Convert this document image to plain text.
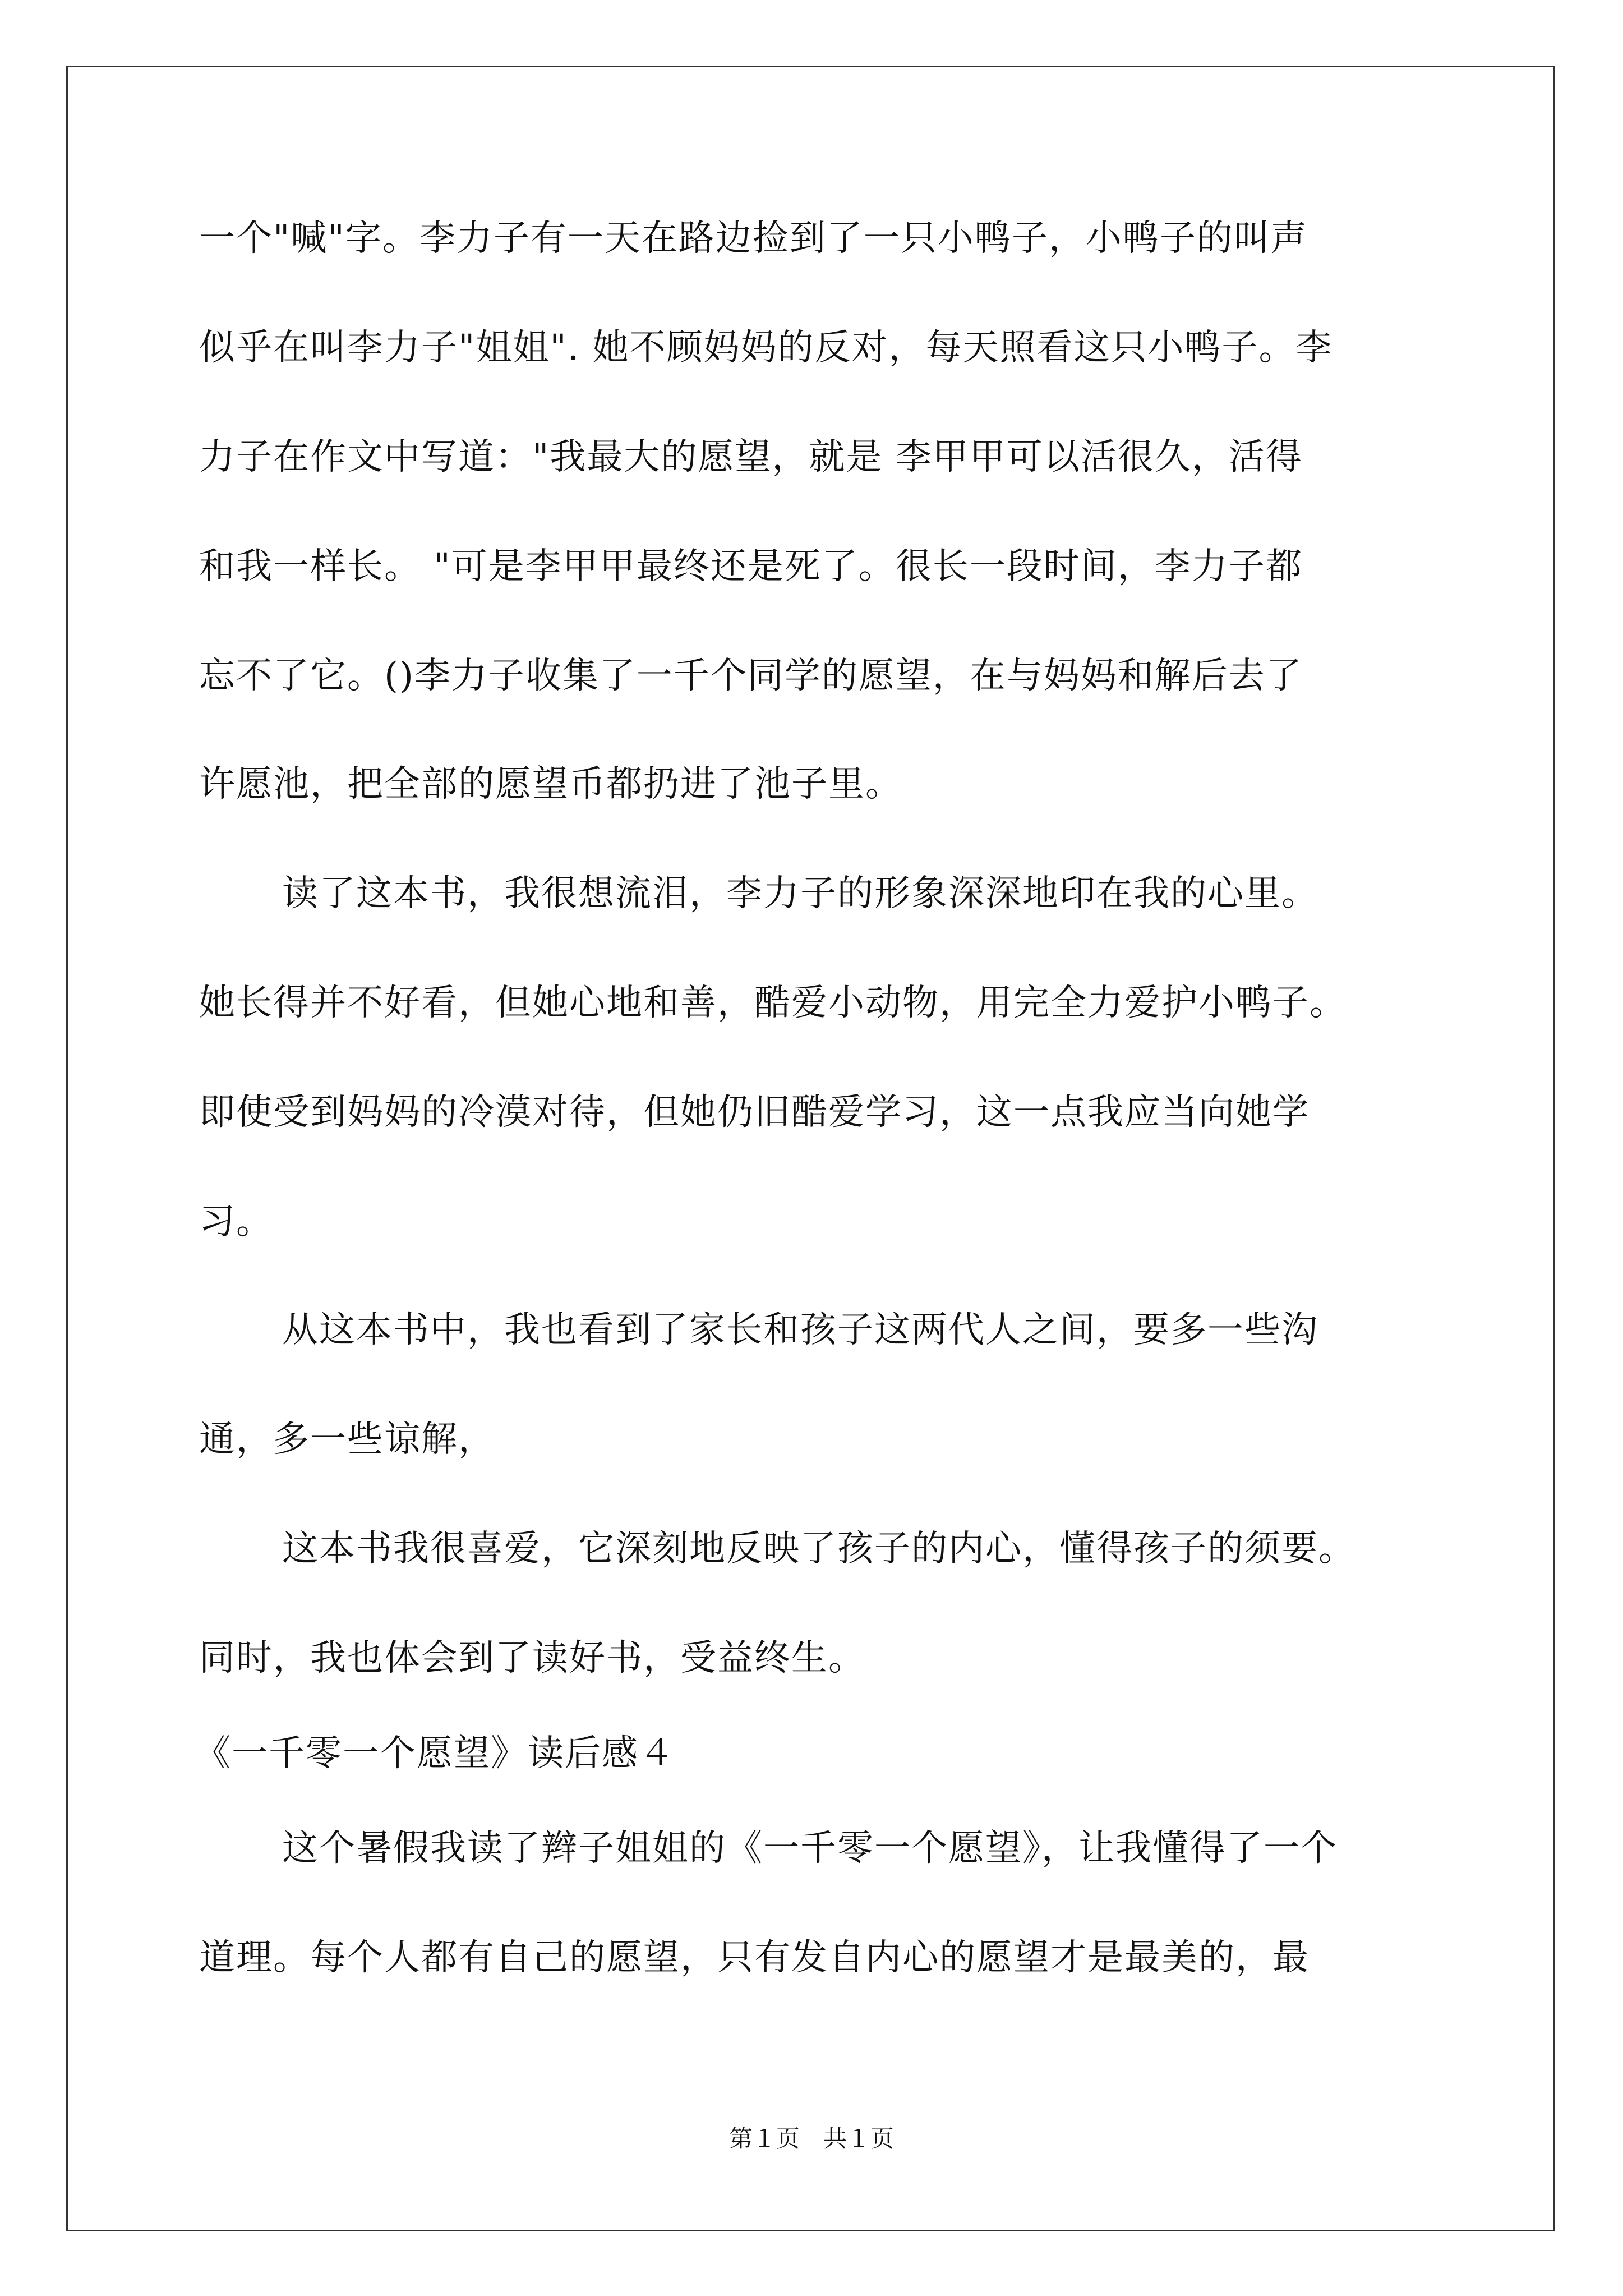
一个"喊"字。李力子有一天在路边捡到了一只小鸭子，小鸭子的叫声
似乎在叫李力子"姐姐". 她不顾妈妈的反对，每天照看这只小鸭子。李
力子在作文中写道："我最大的愿望，就是 李甲甲可以活很久，活得
和我一样长。 "可是李甲甲最终还是死了。很长一段时间，李力子都
忘不了它。()李力子收集了一千个同学的愿望，在与妈妈和解后去了
许愿池，把全部的愿望币都扔进了池子里。
读了这本书，我很想流泪，李力子的形象深深地印在我的心里。
她长得并不好看，但她心地和善，酷爱小动物，用完全力爱护小鸭子。
即使受到妈妈的冷漠对待，但她仍旧酷爱学习，这一点我应当向她学
习。
从这本书中，我也看到了家长和孩子这两代人之间，要多一些沟
通，多一些谅解，
这本书我很喜爱，它深刻地反映了孩子的内心，懂得孩子的须要。
同时，我也体会到了读好书，受益终生。
《一千零一个愿望》读后感４
这个暑假我读了辫子姐姐的《一千零一个愿望》，让我懂得了一个
道理。每个人都有自己的愿望，只有发自内心的愿望才是最美的，最
第１页　共１页
